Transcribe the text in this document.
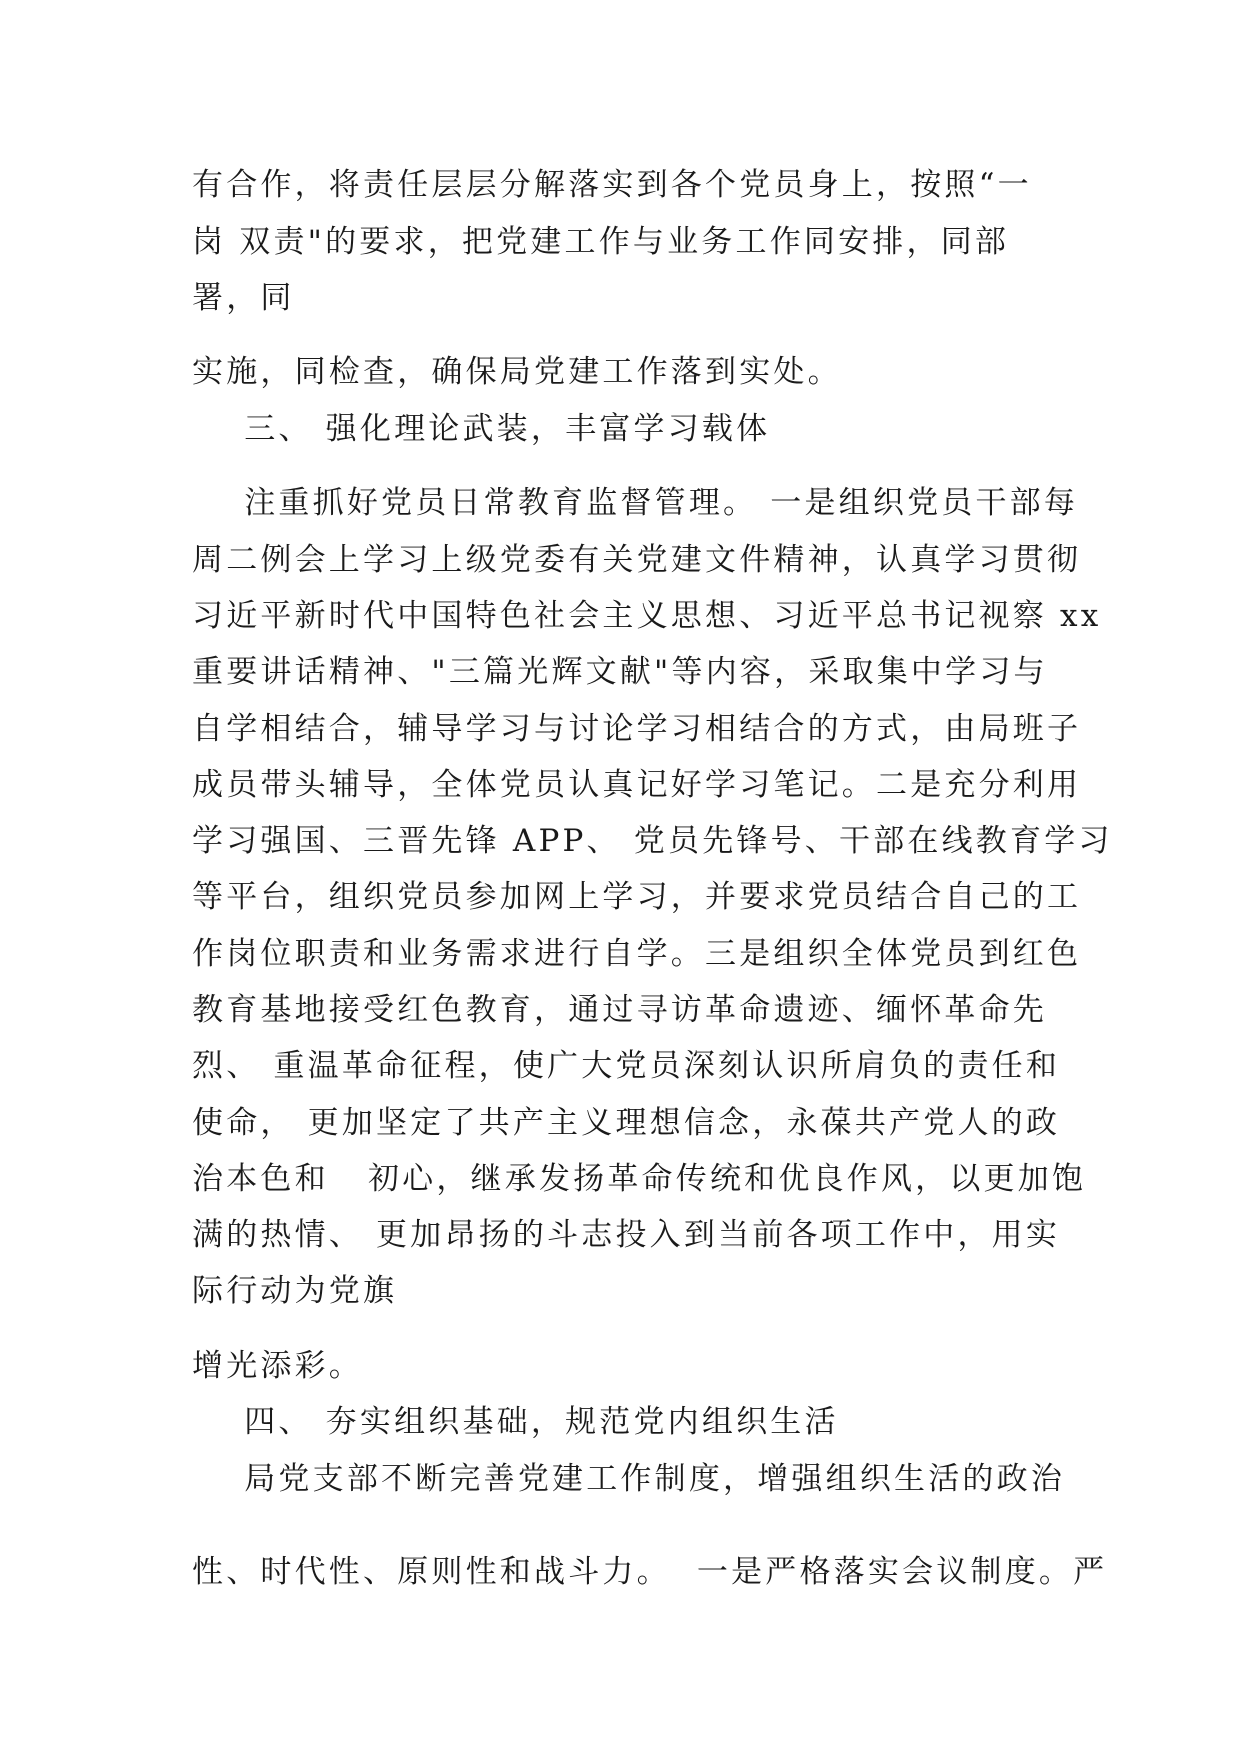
有合作，将责任层层分解落实到各个党员身上，按照“一
岗 双责"的要求，把党建工作与业务工作同安排，同部
署，同
实施，同检查，确保局党建工作落到实处。
三、 强化理论武装，丰富学习载体
注重抓好党员日常教育监督管理。 一是组织党员干部每
周二例会上学习上级党委有关党建文件精神，认真学习贯彻
习近平新时代中国特色社会主义思想、习近平总书记视察 xx
重要讲话精神、"三篇光辉文献"等内容，采取集中学习与
自学相结合，辅导学习与讨论学习相结合的方式，由局班子
成员带头辅导，全体党员认真记好学习笔记。二是充分利用
学习强国、三晋先锋 APP、 党员先锋号、干部在线教育学习
等平台，组织党员参加网上学习，并要求党员结合自己的工
作岗位职责和业务需求进行自学。三是组织全体党员到红色
教育基地接受红色教育，通过寻访革命遗迹、缅怀革命先
烈、 重温革命征程，使广大党员深刻认识所肩负的责任和
使命， 更加坚定了共产主义理想信念，永葆共产党人的政
治本色和   初心，继承发扬革命传统和优良作风，以更加饱
满的热情、 更加昂扬的斗志投入到当前各项工作中，用实
际行动为党旗
增光添彩。
四、 夯实组织基础，规范党内组织生活
局党支部不断完善党建工作制度，增强组织生活的政治
性、时代性、原则性和战斗力。  一是严格落实会议制度。严
